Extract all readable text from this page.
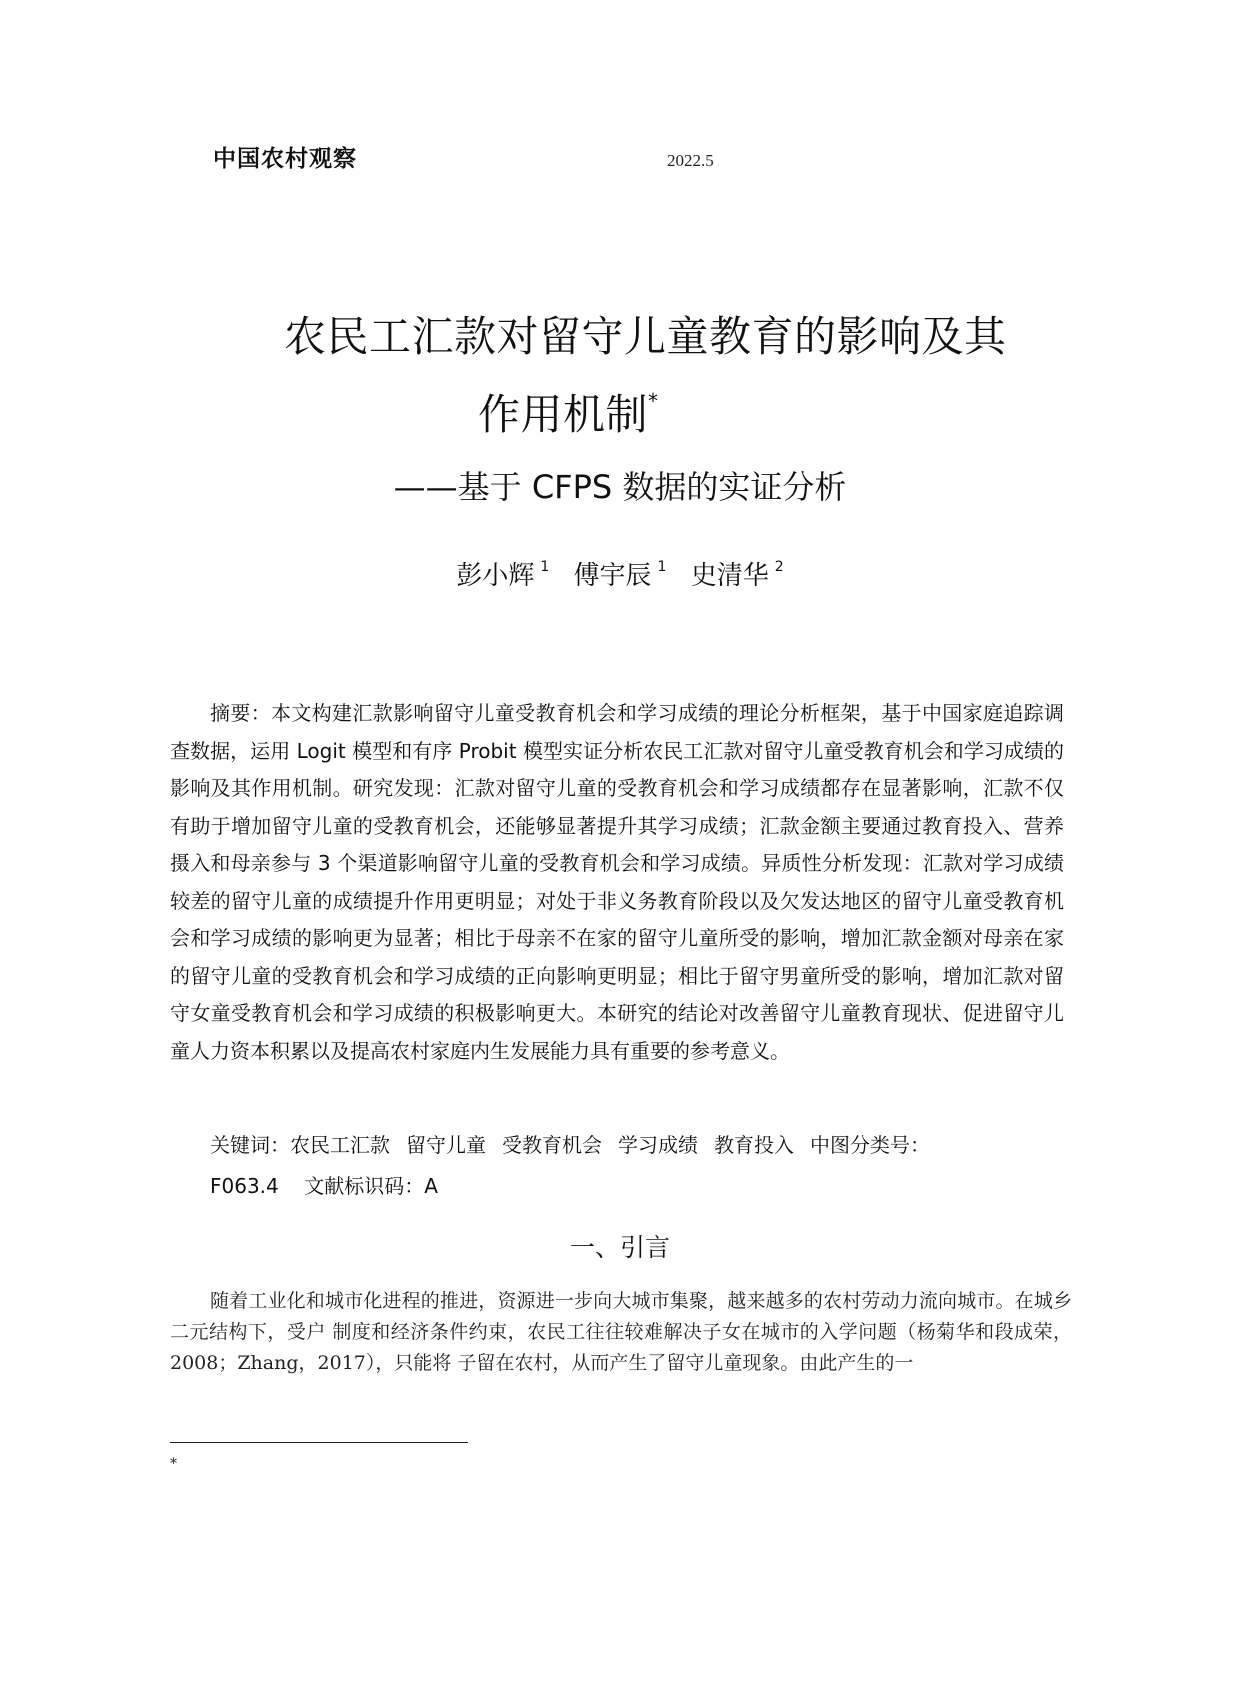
中国农村观察	2022.5
农民工汇款对留守儿童教育的影响及其
作用机制*
——基于 CFPS 数据的实证分析
彭小辉 $^1$ 傅宇辰 $^1$ 史清华 $^2$

摘要：本文构建汇款影响留守儿童受教育机会和学习成绩的理论分析框架，基于中国家庭追踪调查数据，运用 Logit 模型和有序 Probit 模型实证分析农民工汇款对留守儿童受教育机会和学习成绩的影响及其作用机制。研究发现：汇款对留守儿童的受教育机会和学习成绩都存在显著影响，汇款不仅有助于增加留守儿童的受教育机会，还能够显著提升其学习成绩；汇款金额主要通过教育投入、营养摄入和母亲参与 3 个渠道影响留守儿童的受教育机会和学习成绩。异质性分析发现：汇款对学习成绩较差的留守儿童的成绩提升作用更明显；对处于非义务教育阶段以及欠发达地区的留守儿童受教育机会和学习成绩的影响更为显著；相比于母亲不在家的留守儿童所受的影响，增加汇款金额对母亲在家的留守儿童的受教育机会和学习成绩的正向影响更明显；相比于留守男童所受的影响，增加汇款对留守女童受教育机会和学习成绩的积极影响更大。本研究的结论对改善留守儿童教育现状、促进留守儿童人力资本积累以及提高农村家庭内生发展能力具有重要的参考意义。

关键词：农民工汇款 留守儿童 受教育机会 学习成绩 教育投入 中图分类号：
F063.4 文献标识码：A
一、引言

随着工业化和城市化进程的推进，资源进一步向大城市集聚，越来越多的农村劳动力流向城市。在城乡二元结构下，受户 制度和经济条件约束，农民工往往较难解决子女在城市的入学问题（杨菊华和段成荣，2008；Zhang，2017），只能将 子留在农村，从而产生了留守儿童现象。由此产生的一

*
